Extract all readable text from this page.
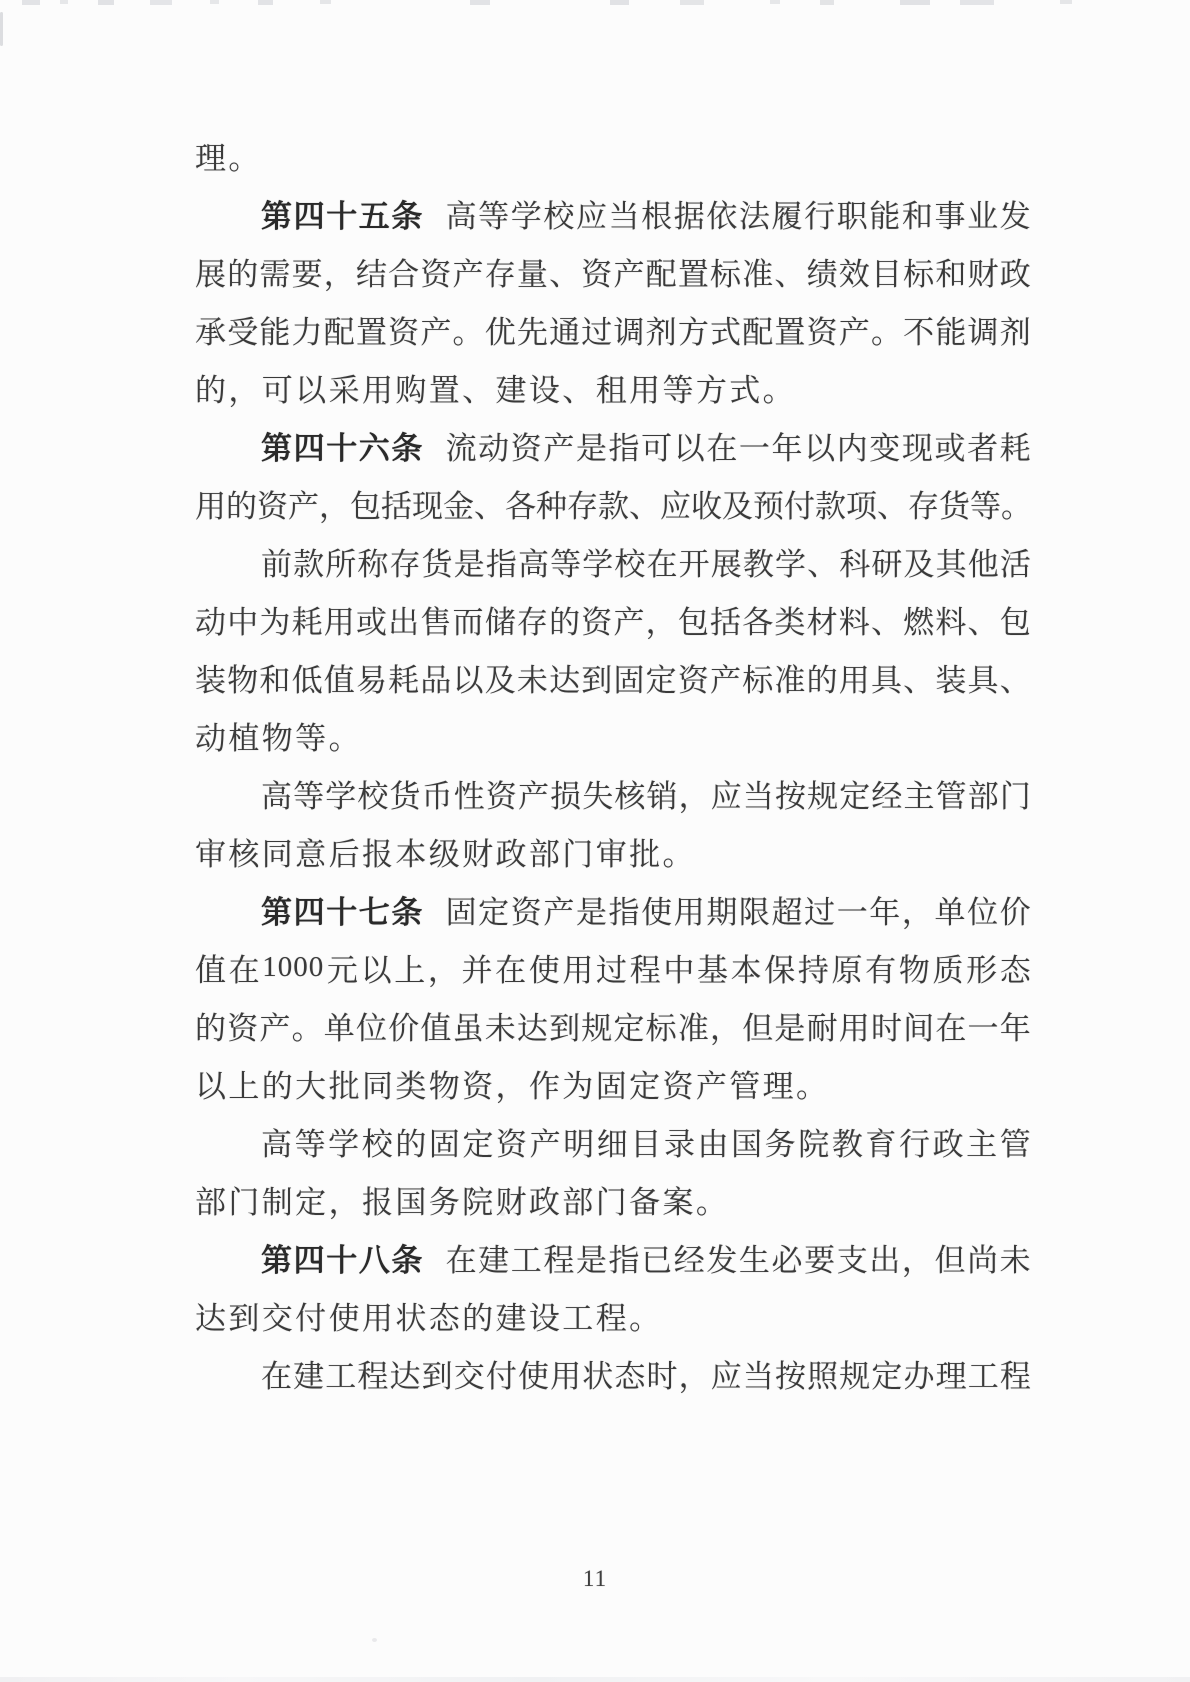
理 。
第 四 十 五 条 高 等 学 校 应 当 根 据 依 法 履 行 职 能 和 事 业 发
展 的 需 要 ， 结 合 资 产 存 量 、 资 产 配 置 标 准 、 绩 效 目 标 和 财 政
承 受 能 力 配 置 资 产 。 优 先 通 过 调 剂 方 式 配 置 资 产 。 不 能 调 剂
的 ， 可 以 采 用 购 置 、 建 设 、 租 用 等 方 式 。
第 四 十 六 条 流 动 资 产 是 指 可 以 在 一 年 以 内 变 现 或 者 耗
用 的 资 产 ， 包 括 现 金 、 各 种 存 款 、 应 收 及 预 付 款 项 、 存 货 等 。
前 款 所 称 存 货 是 指 高 等 学 校 在 开 展 教 学 、 科 研 及 其 他 活
动 中 为 耗 用 或 出 售 而 储 存 的 资 产 ， 包 括 各 类 材 料 、 燃 料 、 包
装 物 和 低 值 易 耗 品 以 及 未 达 到 固 定 资 产 标 准 的 用 具 、 装 具 、
动 植 物 等 。
高 等 学 校 货 币 性 资 产 损 失 核 销 ， 应 当 按 规 定 经 主 管 部 门
审 核 同 意 后 报 本 级 财 政 部 门 审 批 。
第 四 十 七 条 固 定 资 产 是 指 使 用 期 限 超 过 一 年 ， 单 位 价
值 在 1000 元 以 上 ， 并 在 使 用 过 程 中 基 本 保 持 原 有 物 质 形 态
的 资 产 。 单 位 价 值 虽 未 达 到 规 定 标 准 ， 但 是 耐 用 时 间 在 一 年
以 上 的 大 批 同 类 物 资 ， 作 为 固 定 资 产 管 理 。
高 等 学 校 的 固 定 资 产 明 细 目 录 由 国 务 院 教 育 行 政 主 管
部 门 制 定 ， 报 国 务 院 财 政 部 门 备 案 。
第 四 十 八 条 在 建 工 程 是 指 已 经 发 生 必 要 支 出 ， 但 尚 未
达 到 交 付 使 用 状 态 的 建 设 工 程 。
在 建 工 程 达 到 交 付 使 用 状 态 时 ， 应 当 按 照 规 定 办 理 工 程
11
